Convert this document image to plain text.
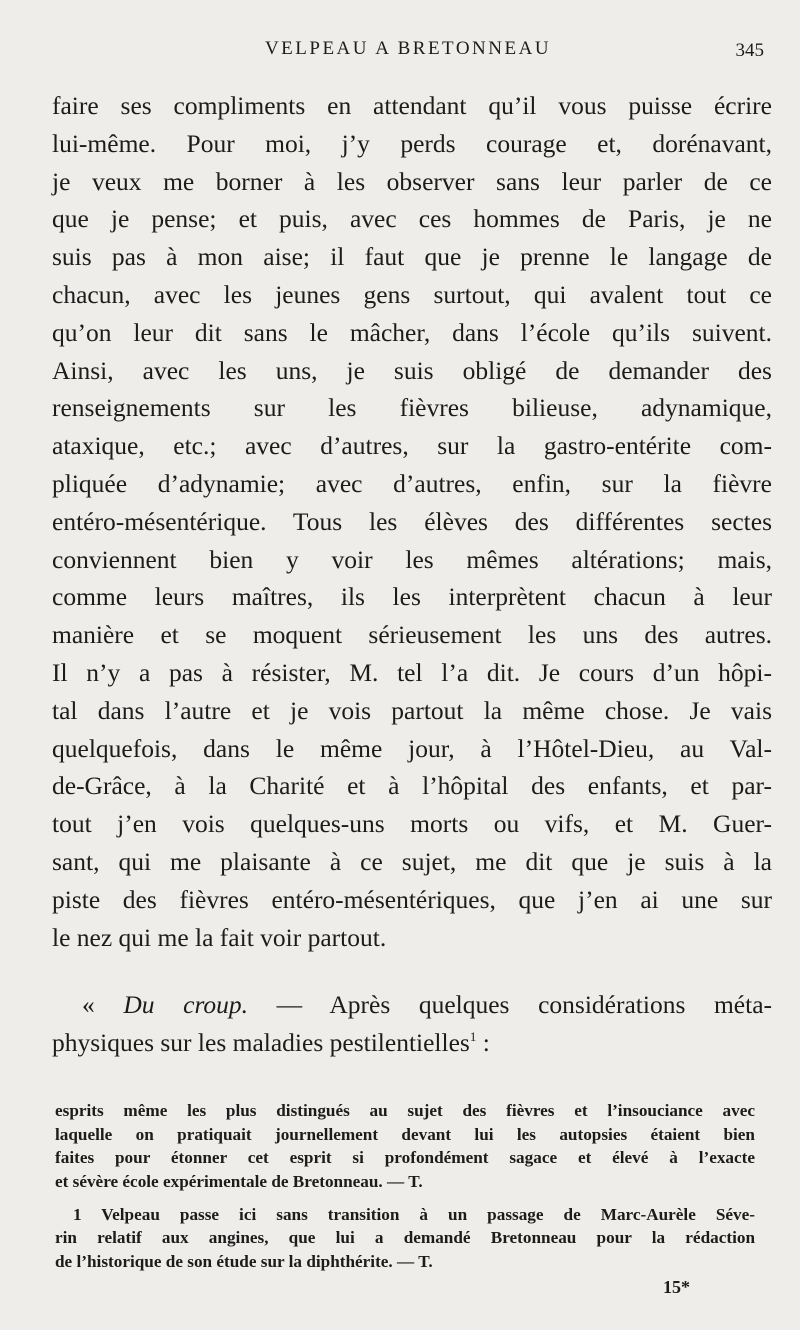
VELPEAU A BRETONNEAU	345
faire ses compliments en attendant qu’il vous puisse écrire
lui-même. Pour moi, j’y perds courage et, dorénavant,
je veux me borner à les observer sans leur parler de ce
que je pense; et puis, avec ces hommes de Paris, je ne
suis pas à mon aise; il faut que je prenne le langage de
chacun, avec les jeunes gens surtout, qui avalent tout ce
qu’on leur dit sans le mâcher, dans l’école qu’ils suivent.
Ainsi, avec les uns, je suis obligé de demander des
renseignements sur les fièvres bilieuse, adynamique,
ataxique, etc.; avec d’autres, sur la gastro-entérite com-
pliquée d’adynamie; avec d’autres, enfin, sur la fièvre
entéro-mésentérique. Tous les élèves des différentes sectes
conviennent bien y voir les mêmes altérations; mais,
comme leurs maîtres, ils les interprètent chacun à leur
manière et se moquent sérieusement les uns des autres.
Il n’y a pas à résister, M. tel l’a dit. Je cours d’un hôpi-
tal dans l’autre et je vois partout la même chose. Je vais
quelquefois, dans le même jour, à l’Hôtel-Dieu, au Val-
de-Grâce, à la Charité et à l’hôpital des enfants, et par-
tout j’en vois quelques-uns morts ou vifs, et M. Guer-
sant, qui me plaisante à ce sujet, me dit que je suis à la
piste des fièvres entéro-mésentériques, que j’en ai une sur
le nez qui me la fait voir partout.
« Du croup. — Après quelques considérations méta-
physiques sur les maladies pestilentielles$^1$ :
esprits même les plus distingués au sujet des fièvres et l’insouciance avec
laquelle on pratiquait journellement devant lui les autopsies étaient bien
faites pour étonner cet esprit si profondément sagace et élevé à l’exacte
et sévère école expérimentale de Bretonneau. — T.
1 Velpeau passe ici sans transition à un passage de Marc-Aurèle Séve-
rin relatif aux angines, que lui a demandé Bretonneau pour la rédaction
de l’historique de son étude sur la diphthérite. — T.
15*
